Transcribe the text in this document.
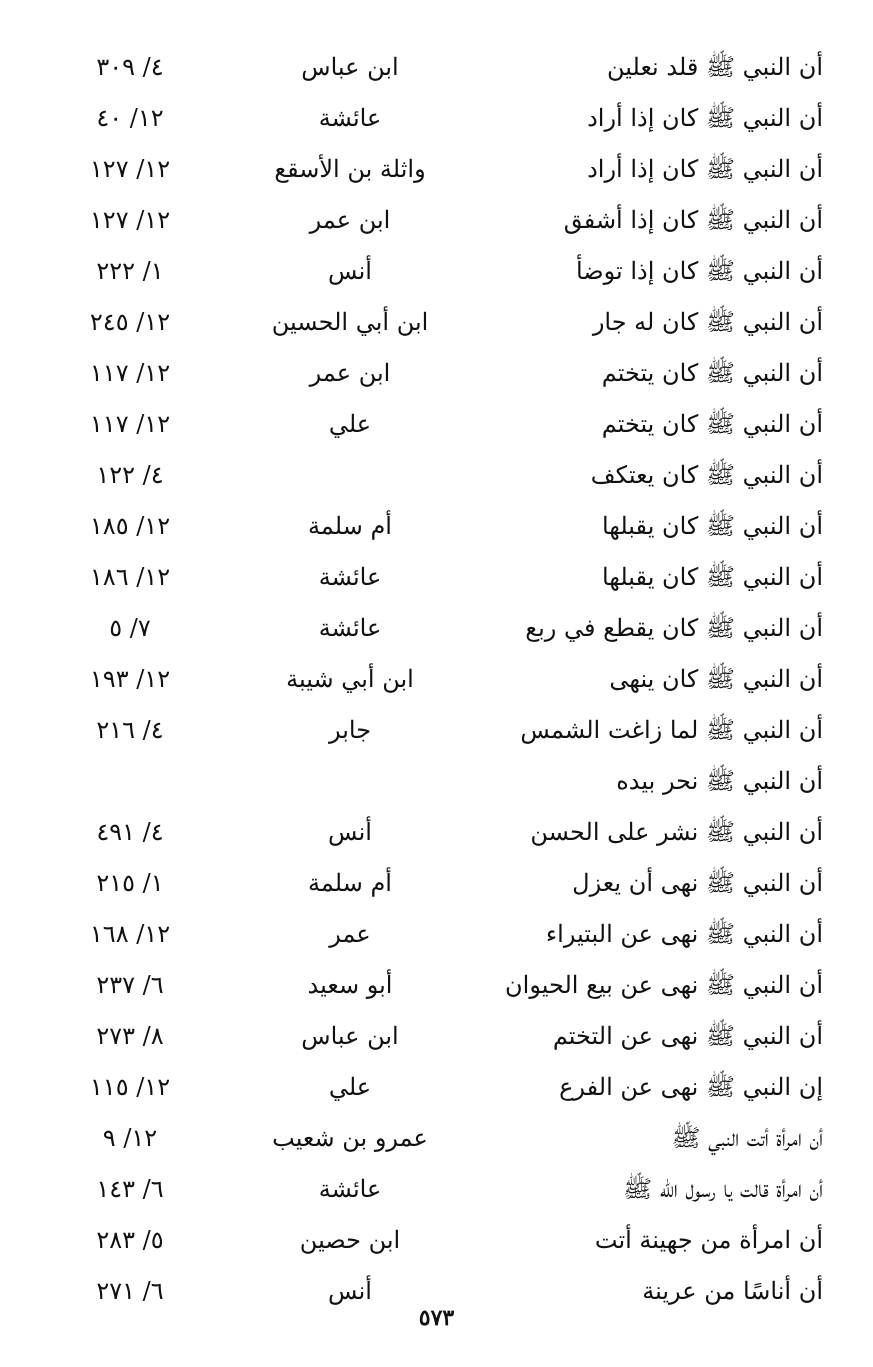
أن النبي ﷺ قلد نعلين
ابن عباس
٤/ ٣٠٩
أن النبي ﷺ كان إذا أراد
عائشة
١٢/ ٤٠
أن النبي ﷺ كان إذا أراد
واثلة بن الأسقع
١٢/ ١٢٧
أن النبي ﷺ كان إذا أشفق
ابن عمر
١٢/ ١٢٧
أن النبي ﷺ كان إذا توضأ
أنس
١/ ٢٢٢
أن النبي ﷺ كان له جار
ابن أبي الحسين
١٢/ ٢٤٥
أن النبي ﷺ كان يتختم
ابن عمر
١٢/ ١١٧
أن النبي ﷺ كان يتختم
علي
١٢/ ١١٧
أن النبي ﷺ كان يعتكف
٤/ ١٢٢
أن النبي ﷺ كان يقبلها
أم سلمة
١٢/ ١٨٥
أن النبي ﷺ كان يقبلها
عائشة
١٢/ ١٨٦
أن النبي ﷺ كان يقطع في ربع
عائشة
٧/ ٥
أن النبي ﷺ كان ينهى
ابن أبي شيبة
١٢/ ١٩٣
أن النبي ﷺ لما زاغت الشمس
جابر
٤/ ٢١٦
أن النبي ﷺ نحر بيده
أن النبي ﷺ نشر على الحسن
أنس
٤/ ٤٩١
أن النبي ﷺ نهى أن يعزل
أم سلمة
١/ ٢١٥
أن النبي ﷺ نهى عن البتيراء
عمر
١٢/ ١٦٨
أن النبي ﷺ نهى عن بيع الحيوان
أبو سعيد
٦/ ٢٣٧
أن النبي ﷺ نهى عن التختم
ابن عباس
٨/ ٢٧٣
إن النبي ﷺ نهى عن الفرع
علي
١٢/ ١١٥
أن امرأة أتت النبي ﷺ
عمرو بن شعيب
١٢/ ٩
أن امرأة قالت يا رسول الله ﷺ
عائشة
٦/ ١٤٣
أن امرأة من جهينة أتت
ابن حصين
٥/ ٢٨٣
أن أناسًا من عرينة
أنس
٦/ ٢٧١
٥٧٣
